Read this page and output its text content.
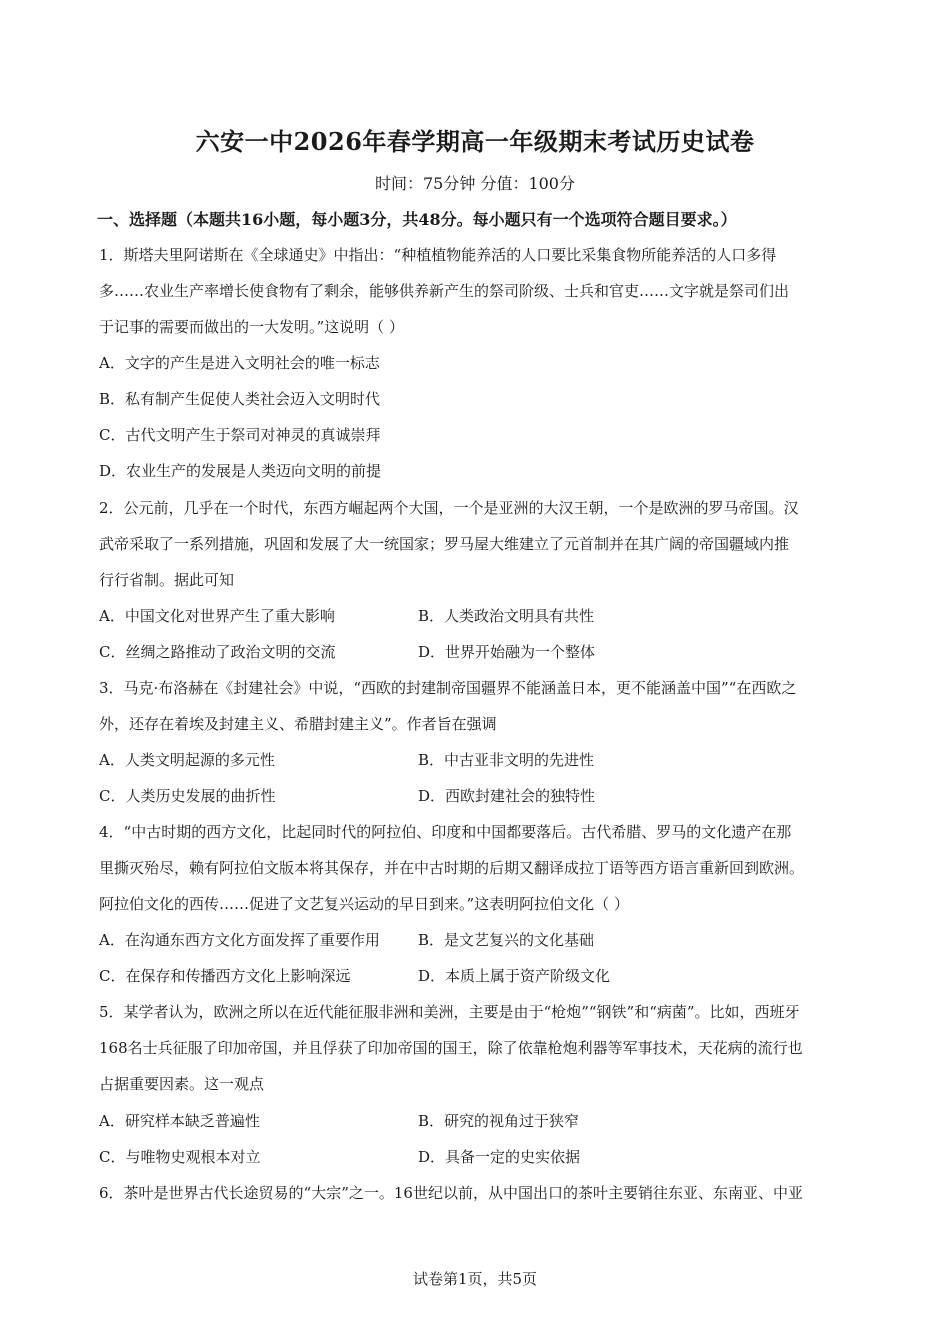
六安一中2026年春学期高一年级期末考试历史试卷
时间：75分钟 分值：100分
一、选择题（本题共16小题，每小题3分，共48分。每小题只有一个选项符合题目要求。）
1．斯塔夫里阿诺斯在《全球通史》中指出：“种植植物能养活的人口要比采集食物所能养活的人口多得
多……农业生产率增长使食物有了剩余，能够供养新产生的祭司阶级、士兵和官吏……文字就是祭司们出
于记事的需要而做出的一大发明。”这说明（ ）
A．文字的产生是进入文明社会的唯一标志
B．私有制产生促使人类社会迈入文明时代
C．古代文明产生于祭司对神灵的真诚崇拜
D．农业生产的发展是人类迈向文明的前提
2．公元前，几乎在一个时代，东西方崛起两个大国，一个是亚洲的大汉王朝，一个是欧洲的罗马帝国。汉
武帝采取了一系列措施，巩固和发展了大一统国家；罗马屋大维建立了元首制并在其广阔的帝国疆域内推
行行省制。据此可知
A．中国文化对世界产生了重大影响	B．人类政治文明具有共性
C．丝绸之路推动了政治文明的交流	D．世界开始融为一个整体
3．马克·布洛赫在《封建社会》中说，“西欧的封建制帝国疆界不能涵盖日本，更不能涵盖中国”“在西欧之
外，还存在着埃及封建主义、希腊封建主义”。作者旨在强调
A．人类文明起源的多元性	B．中古亚非文明的先进性
C．人类历史发展的曲折性	D．西欧封建社会的独特性
4．“中古时期的西方文化，比起同时代的阿拉伯、印度和中国都要落后。古代希腊、罗马的文化遗产在那
里撕灭殆尽，赖有阿拉伯文版本将其保存，并在中古时期的后期又翻译成拉丁语等西方语言重新回到欧洲。
阿拉伯文化的西传……促进了文艺复兴运动的早日到来。”这表明阿拉伯文化（ ）
A．在沟通东西方文化方面发挥了重要作用	B．是文艺复兴的文化基础
C．在保存和传播西方文化上影响深远	D．本质上属于资产阶级文化
5．某学者认为，欧洲之所以在近代能征服非洲和美洲，主要是由于“枪炮”“钢铁”和“病菌”。比如，西班牙
168名士兵征服了印加帝国，并且俘获了印加帝国的国王，除了依靠枪炮利器等军事技术，天花病的流行也
占据重要因素。这一观点
A．研究样本缺乏普遍性	B．研究的视角过于狭窄
C．与唯物史观根本对立	D．具备一定的史实依据
6．茶叶是世界古代长途贸易的“大宗”之一。16世纪以前，从中国出口的茶叶主要销往东亚、东南亚、中亚
试卷第1页，共5页
